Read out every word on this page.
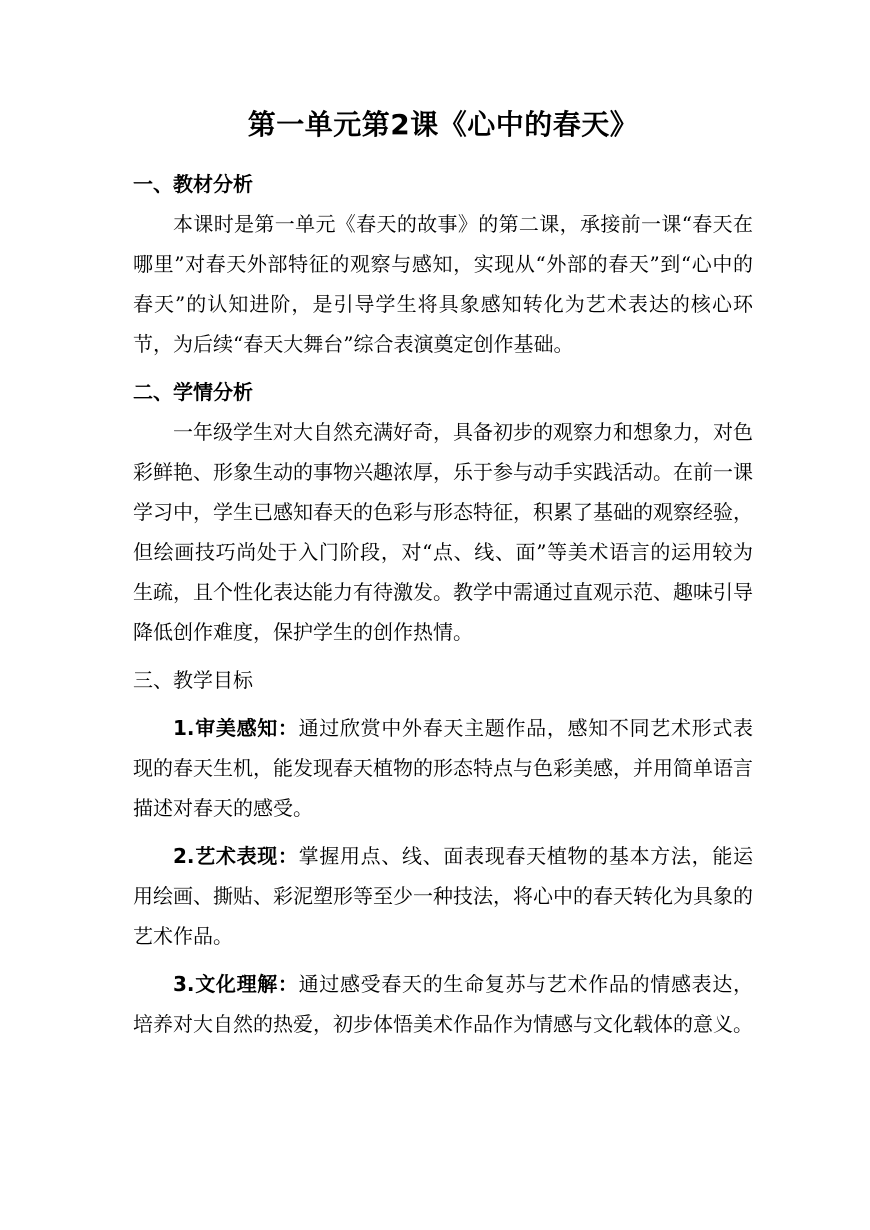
第一单元第2课《心中的春天》
一、教材分析

本课时是第一单元《春天的故事》的第二课，承接前一课“春天在哪里”对春天外部特征的观察与感知，实现从“外部的春天”到“心中的春天”的认知进阶，是引导学生将具象感知转化为艺术表达的核心环节，为后续“春天大舞台”综合表演奠定创作基础。

二、学情分析

一年级学生对大自然充满好奇，具备初步的观察力和想象力，对色彩鲜艳、形象生动的事物兴趣浓厚，乐于参与动手实践活动。在前一课学习中，学生已感知春天的色彩与形态特征，积累了基础的观察经验，但绘画技巧尚处于入门阶段，对“点、线、面”等美术语言的运用较为生疏，且个性化表达能力有待激发。教学中需通过直观示范、趣味引导降低创作难度，保护学生的创作热情。

三、教学目标

1.审美感知：通过欣赏中外春天主题作品，感知不同艺术形式表现的春天生机，能发现春天植物的形态特点与色彩美感，并用简单语言描述对春天的感受。

2.艺术表现：掌握用点、线、面表现春天植物的基本方法，能运用绘画、撕贴、彩泥塑形等至少一种技法，将心中的春天转化为具象的艺术作品。

3.文化理解：通过感受春天的生命复苏与艺术作品的情感表达，培养对大自然的热爱，初步体悟美术作品作为情感与文化载体的意义。
